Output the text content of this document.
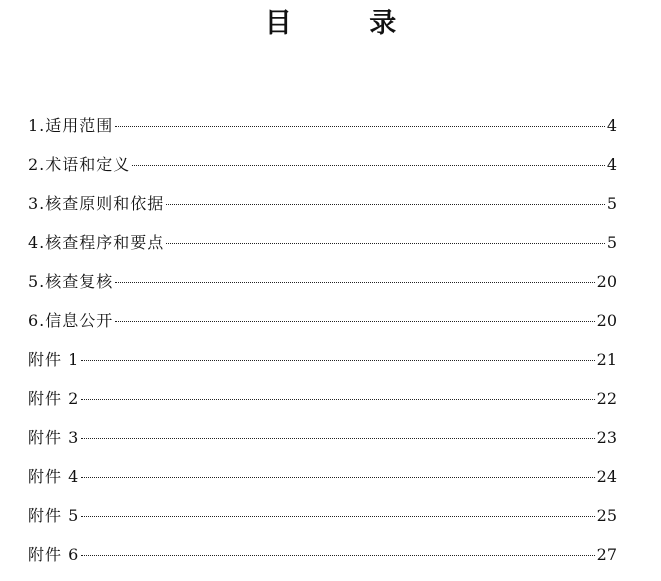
目 录
1.适用范围	4
2.术语和定义	4
3.核查原则和依据	5
4.核查程序和要点	5
5.核查复核	20
6.信息公开	20
附件 1	21
附件 2	22
附件 3	23
附件 4	24
附件 5	25
附件 6	27
